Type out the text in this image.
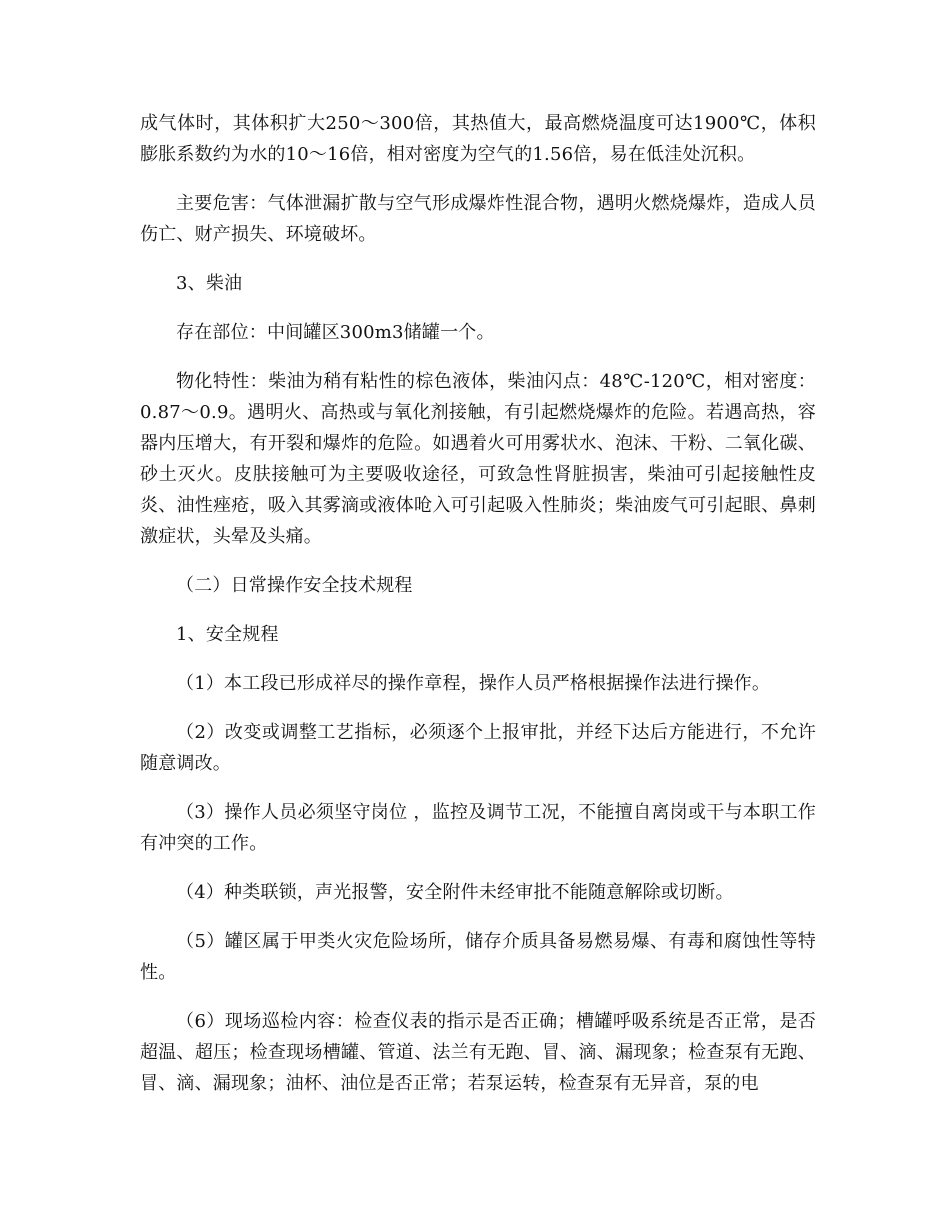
成气体时，其体积扩大250～300倍，其热值大，最高燃烧温度可达1900℃，体积膨胀系数约为水的10～16倍，相对密度为空气的1.56倍，易在低洼处沉积。

主要危害：气体泄漏扩散与空气形成爆炸性混合物，遇明火燃烧爆炸，造成人员伤亡、财产损失、环境破坏。

3、柴油

存在部位：中间罐区300m3储罐一个。

物化特性：柴油为稍有粘性的棕色液体，柴油闪点：48℃-120℃，相对密度：0.87～0.9。遇明火、高热或与氧化剂接触，有引起燃烧爆炸的危险。若遇高热，容器内压增大，有开裂和爆炸的危险。如遇着火可用雾状水、泡沫、干粉、二氧化碳、砂土灭火。皮肤接触可为主要吸收途径，可致急性肾脏损害，柴油可引起接触性皮炎、油性痤疮，吸入其雾滴或液体呛入可引起吸入性肺炎；柴油废气可引起眼、鼻刺激症状，头晕及头痛。

（二）日常操作安全技术规程

1、安全规程

（1）本工段已形成祥尽的操作章程，操作人员严格根据操作法进行操作。

（2）改变或调整工艺指标，必须逐个上报审批，并经下达后方能进行，不允许随意调改。

（3）操作人员必须坚守岗位 ，监控及调节工况，不能擅自离岗或干与本职工作有冲突的工作。

（4）种类联锁，声光报警，安全附件未经审批不能随意解除或切断。

（5）罐区属于甲类火灾危险场所，储存介质具备易燃易爆、有毒和腐蚀性等特性。

（6）现场巡检内容：检查仪表的指示是否正确；槽罐呼吸系统是否正常，是否超温、超压；检查现场槽罐、管道、法兰有无跑、冒、滴、漏现象；检查泵有无跑、冒、滴、漏现象；油杯、油位是否正常；若泵运转，检查泵有无异音，泵的电
